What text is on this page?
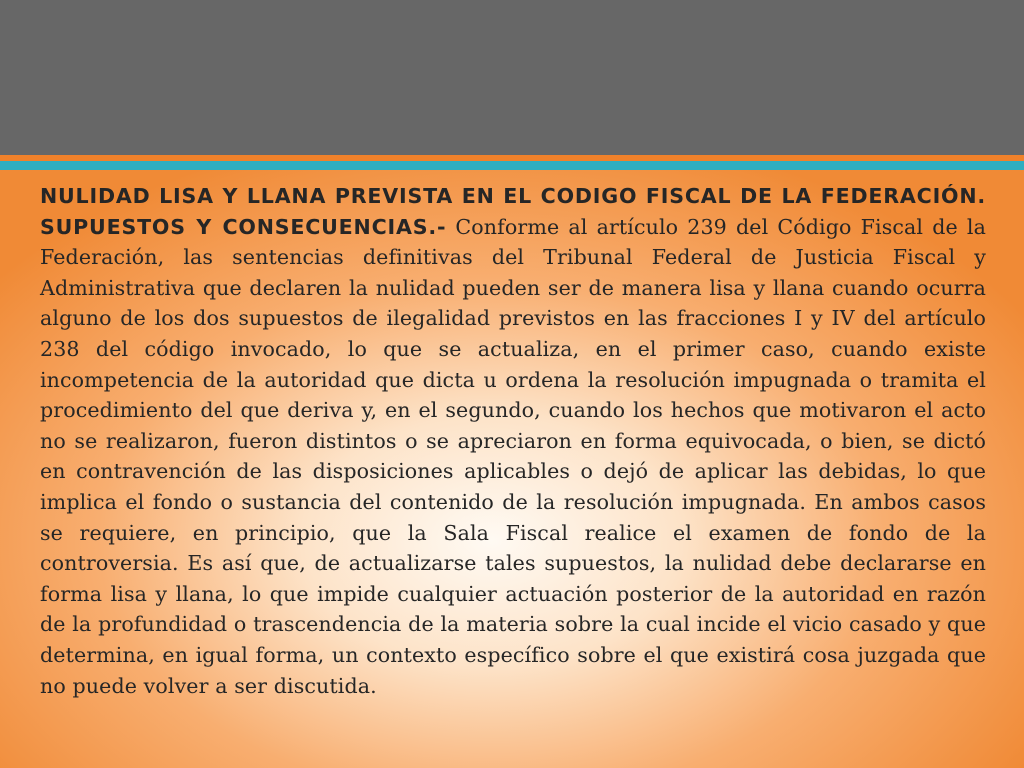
NULIDAD LISA Y LLANA PREVISTA EN EL CODIGO FISCAL DE LA FEDERACIÓN. SUPUESTOS Y CONSECUENCIAS.- Conforme al artículo 239 del Código Fiscal de la Federación, las sentencias definitivas del Tribunal Federal de Justicia Fiscal y Administrativa que declaren la nulidad pueden ser de manera lisa y llana cuando ocurra alguno de los dos supuestos de ilegalidad previstos en las fracciones I y IV del artículo 238 del código invocado, lo que se actualiza, en el primer caso, cuando existe incompetencia de la autoridad que dicta u ordena la resolución impugnada o tramita el procedimiento del que deriva y, en el segundo, cuando los hechos que motivaron el acto no se realizaron, fueron distintos o se apreciaron en forma equivocada, o bien, se dictó en contravención de las disposiciones aplicables o dejó de aplicar las debidas, lo que implica el fondo o sustancia del contenido de la resolución impugnada. En ambos casos se requiere, en principio, que la Sala Fiscal realice el examen de fondo de la controversia. Es así que, de actualizarse tales supuestos, la nulidad debe declararse en forma lisa y llana, lo que impide cualquier actuación posterior de la autoridad en razón de la profundidad o trascendencia de la materia sobre la cual incide el vicio casado y que determina, en igual forma, un contexto específico sobre el que existirá cosa juzgada que no puede volver a ser discutida.
